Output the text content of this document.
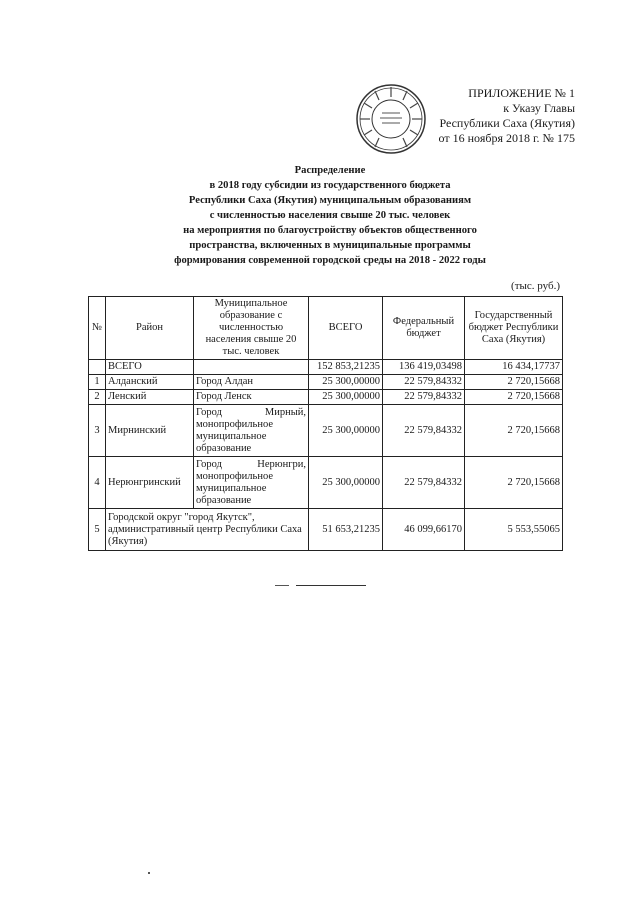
ПРИЛОЖЕНИЕ № 1
к Указу Главы
Республики Саха (Якутия)
от 16 ноября 2018 г. № 175
Распределение
в 2018 году субсидии из государственного бюджета
Республики Саха (Якутия) муниципальным образованиям
с численностью населения свыше 20 тыс. человек
на мероприятия по благоустройству объектов общественного
пространства, включенных в муниципальные программы
формирования современной городской среды на 2018 - 2022 годы
(тыс. руб.)
№	Район	Муниципальное образование с численностью населения свыше 20 тыс. человек	ВСЕГО	Федеральный бюджет	Государственный бюджет Республики Саха (Якутия)
	ВСЕГО		152 853,21235	136 419,03498	16 434,17737
1	Алданский	Город Алдан	25 300,00000	22 579,84332	2 720,15668
2	Ленский	Город Ленск	25 300,00000	22 579,84332	2 720,15668
3	Мирнинский	Город Мирный, монопрофильное муниципальное образование	25 300,00000	22 579,84332	2 720,15668
4	Нерюнгринский	Город Нерюнгри, монопрофильное муниципальное образование	25 300,00000	22 579,84332	2 720,15668
5	Городской округ "город Якутск", административный центр Республики Саха (Якутия)		51 653,21235	46 099,66170	5 553,55065
